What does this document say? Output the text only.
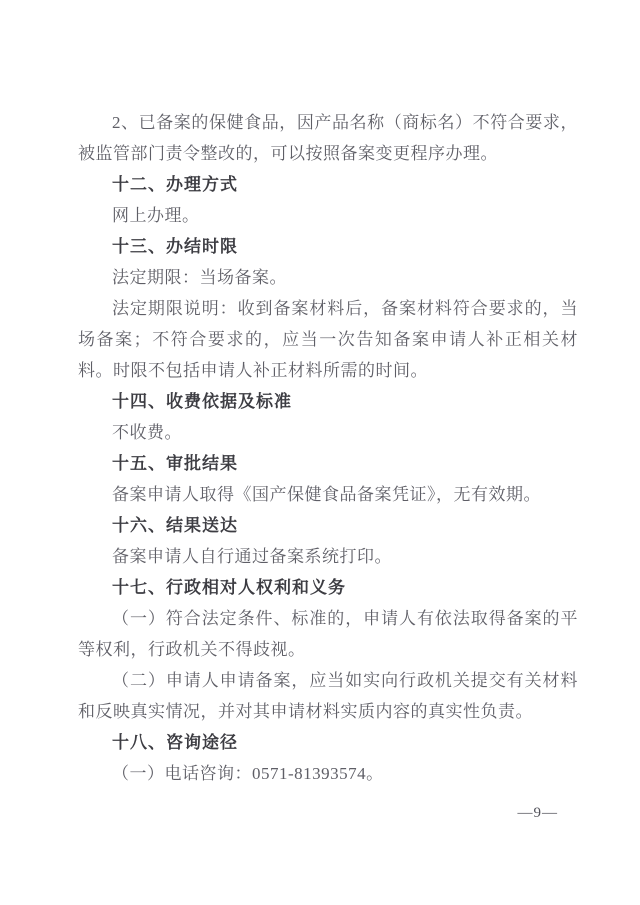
2、已备案的保健食品，因产品名称（商标名）不符合要求，被监管部门责令整改的，可以按照备案变更程序办理。

十二、办理方式

网上办理。

十三、办结时限

法定期限：当场备案。

法定期限说明：收到备案材料后，备案材料符合要求的，当场备案；不符合要求的，应当一次告知备案申请人补正相关材料。时限不包括申请人补正材料所需的时间。

十四、收费依据及标准

不收费。

十五、审批结果

备案申请人取得《国产保健食品备案凭证》，无有效期。

十六、结果送达

备案申请人自行通过备案系统打印。

十七、行政相对人权利和义务

（一）符合法定条件、标准的，申请人有依法取得备案的平等权利，行政机关不得歧视。

（二）申请人申请备案，应当如实向行政机关提交有关材料和反映真实情况，并对其申请材料实质内容的真实性负责。

十八、咨询途径

（一）电话咨询：0571-81393574。

—9—
